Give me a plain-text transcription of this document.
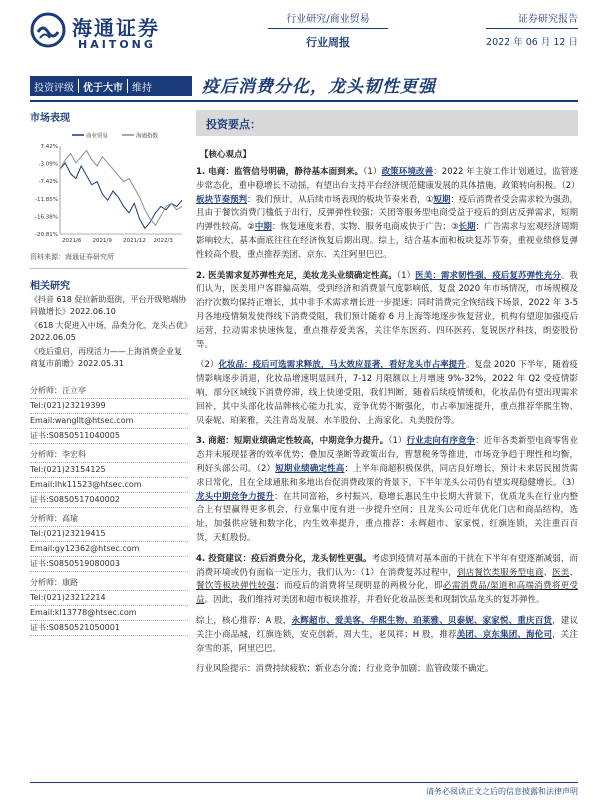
海通证券
HAITONG
行业研究/商业贸易
行业周报
证券研究报告
2022 年 06 月 12 日
投资评级 优于大市 维持	疫后消费分化，龙头韧性更强
市场表现
商业贸易	海通指数
7.42%
-3.09%
-7.42%
-11.85%
-16.38%
-20.81%
2021/6 2021/9 2021/12 2022/3
资料来源：海通证券研究所
相关研究
《抖音 618 促拉新助逛街，平台开级赔端协同做增长》2022.06.10
《618 大促进入中场，品类分化，龙头占优》2022.06.05
《疫后重启，再现活力——上海消费企业复商复市前瞻》2022.05.31
分析师：汪立亭
Tel:(021)23219399
Email:wangllt@htsec.com
证书:S0850511040005
分析师：李宏科
Tel:(021)23154125
Email:lhk11523@htsec.com
证书:S0850517040002
分析师：高瑜
Tel:(021)23219415
Email:gy12362@htsec.com
证书:S0850519080003
分析师：康路
Tel:(021)23212214
Email:kl13778@htsec.com
证书:S0850521050001
投资要点：
【核心观点】

1. 电商：监管信号明确，静待基本面到来。（1）政策环境改善：2022 年主旋工作计划通过，监管逐步常态化，重申稳增长不动摇，有望出台支持平台经济规范健康发展的具体措施，政策转向积极。（2）板块节奏预判：我们预计，从后续市场表现的板块节奏来看，①短期：疫后消费者受会需求较为强劲，且由于餐饮消费门槛低于出行，反弹弹性较强；关团等服务型电商受益于疫后的到店反弹需求，短期内弹性较高。②中期：恢复速度来看，实物、服务电商成快于广告；③长期：广告需求与宏观经济周期影响较大，基本面底往往在经济恢复后期出现。综上，结合基本面和板块复苏节奏，重视业绩修复弹性较高个股，重点推荐美团、京东、关注阿里巴巴。

2. 医美需求复苏弹性充足，美妆龙头业绩确定性高。（1）医美：需求韧性强，疫后复苏弹性充分。我们认为，医美用户客群偏高端，受到经济和消费景气度影响低，复盘 2020 年市场情况，市场规模及治疗次数均保持正增长，其中非手术需求增长进一步提速；同时消费完全恢结线下场景，2022 年 3-5 月各地疫情频发使得线下消费受阻，我们预计随着 6 月上海等地逐步恢复营业，机构有望迎加强疫后运营，拉动需求快速恢复，重点推荐爱美客，关注华东医药、四环医药、复锐医疗科技，朗姿股份等。

（2）化妆品：疫后可选需求释放，马太效应显著，看好龙头市占率提升。复盘 2020 下半年，随着疫情影响逐步消退，化妆品增速明显回升，7-12 月限额以上月增速 9%-32%，2022 年 Q2 受疫情影响，部分区域线下消费停滞，线上快递受阻，我们判断，随着后续疫情缓和，化妆品仍有望出现需求回补，其中头部化妆品牌核心能力扎实，竞争优势不断强化，市占率加速提升，重点推荐华熙生物、贝泰妮、珀莱雅，关注青岛发展、水羊股份、上海家化、丸美股份等。

3. 商超：短期业绩确定性较高，中期竞争力提升。（1）行业走向有序竞争：近年各类新型电商零售业态并未展现显著的效率优势；叠加反垄断等政策出台，智慧税务等推进，市场竞争趋于理性和均衡，利好头部公司。（2）短期业绩确定性高：上半年商超积极保供，同店良好增长，预计未来居民囤货需求日常化，且在全球通胀和多地出台促消费政策的背景下，下半年龙头公司仍有望实现稳健增长。（3）龙头中期竞争力提升：在共同富裕，乡村振兴，稳增长惠民生中长期大背景下，优质龙头在行业内整合上有望赢得更多机会，行业集中度有进一步提升空间；且龙头公司近年优化门店和商品结构，选址，加强供应链和数字化，内生效率提升，重点推荐：永辉超市、家家悦、红旗连锁，关注重百百货，天虹股份。

4. 投资建议：疫后消费分化，龙头韧性更强。考虑到疫情对基本面的干扰在下半年有望逐渐减弱，而消费环境或仍有面临一定压力，我们认为：（1）在消费复苏过程中，到店餐饮类服务型电商、医美、餐饮等板块弹性较强；而疫后的消费将呈现明显的两极分化，即必需消费品/渠道和高端消费将更受益。因此，我们维持对美团和超市板块推荐，并看好化妆品医美和现制饮品龙头的复苏弹性。

综上，核心推荐：A 股，永辉超市、爱美客、华熙生物、珀莱雅、贝泰妮、家家悦、重庆百货，建议关注小商品城，红旗连锁，安克创新，周大生，老凤祥；H 股，推荐美团、京东集团、海伦司，关注奈雪的茶，阿里巴巴。

行业风险提示：消费持续疲软；新业态分流；行业竞争加剧；监管政策不确定。

请务必阅读正文之后的信息披露和法律声明
